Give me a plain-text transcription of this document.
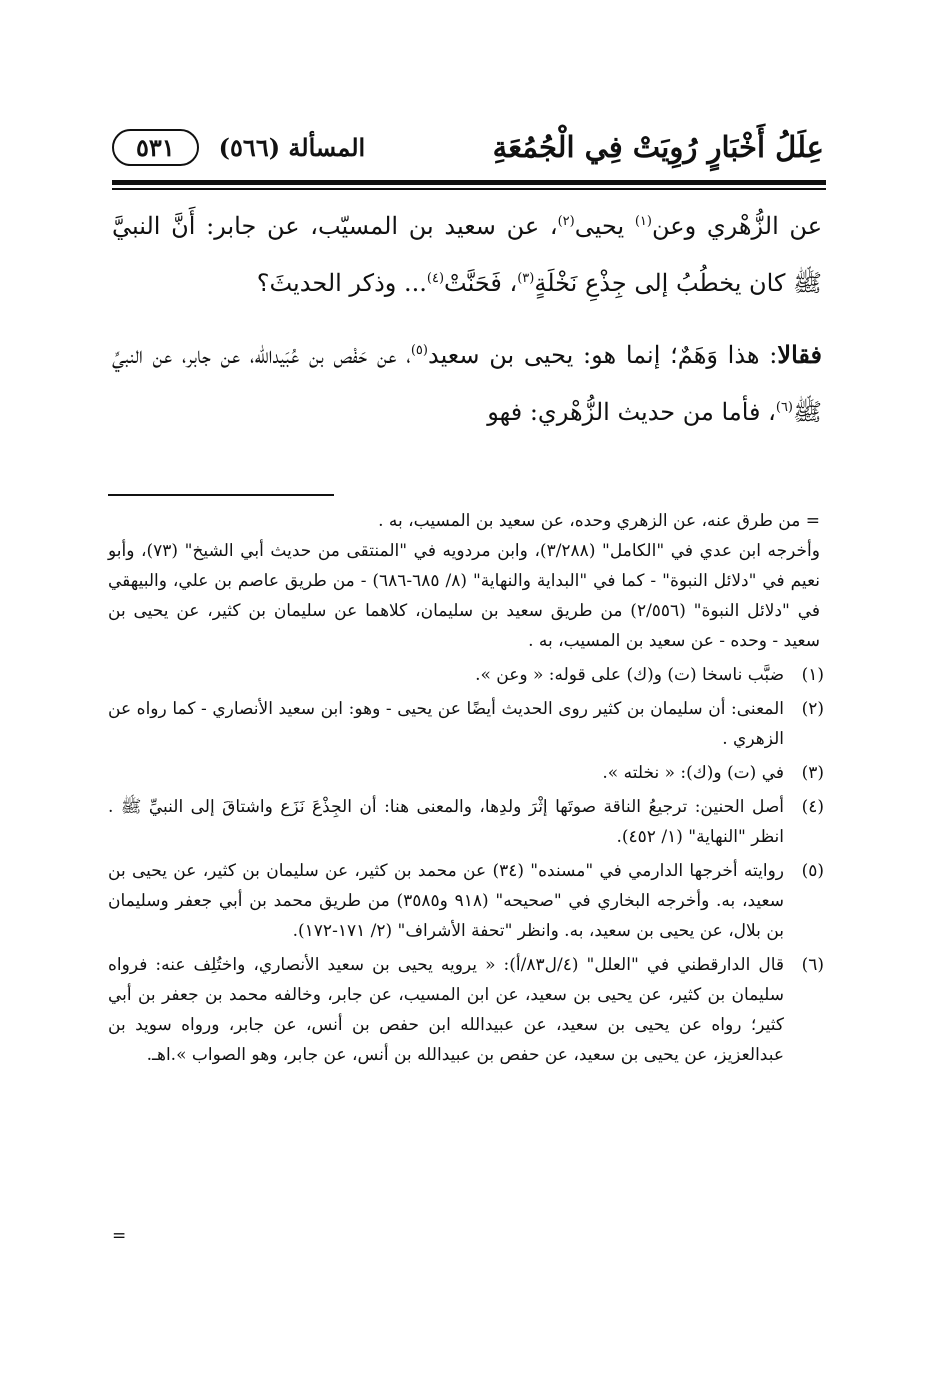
عِلَلُ أَخْبَارٍ رُوِيَتْ فِي الْجُمُعَةِ
المسألة (٥٦٦)
٥٣١

عن الزُّهْري وعن$^{(١)}$ يحيى$^{(٢)}$، عن سعيد بن المسيّب، عن جابر: أَنَّ النبيَّ ﷺ كان يخطُبُ إلى جِذْعِ نَخْلَةٍ$^{(٣)}$، فَحَنَّتْ$^{(٤)}$... وذكر الحديثَ؟

فقالا: هذا وَهَمٌ؛ إنما هو: يحيى بن سعيد$^{(٥)}$، عن حَفْص بن عُبَيدالله، عن جابر، عن النبيِّ ﷺ$^{(٦)}$، فأما من حديث الزُّهْري: فهو

= من طرق عنه، عن الزهري وحده، عن سعيد بن المسيب، به .

وأخرجه ابن عدي في "الكامل" (٣/٢٨٨)، وابن مردويه في "المنتقى من حديث أبي الشيخ" (٧٣)، وأبو نعيم في "دلائل النبوة" - كما في "البداية والنهاية" (٨/ ٦٨٥-٦٨٦) - من طريق عاصم بن علي، والبيهقي في "دلائل النبوة" (٢/٥٥٦) من طريق سعيد بن سليمان، كلاهما عن سليمان بن كثير، عن يحيى بن سعيد - وحده - عن سعيد بن المسيب، به .

(١)
ضبَّب ناسخا (ت) و(ك) على قوله: « وعن ».
(٢)
المعنى: أن سليمان بن كثير روى الحديث أيضًا عن يحيى - وهو: ابن سعيد الأنصاري - كما رواه عن الزهري .
(٣)
في (ت) و(ك): « نخلته ».
(٤)
أصل الحنين: ترجيعُ الناقة صوتَها إثْرَ ولدِها، والمعنى هنا: أن الجِذْعَ نَزَع واشتاقَ إلى النبيِّ ﷺ . انظر "النهاية" (١/ ٤٥٢).
(٥)
روايته أخرجها الدارمي في "مسنده" (٣٤) عن محمد بن كثير، عن سليمان بن كثير، عن يحيى بن سعيد، به. وأخرجه البخاري في "صحيحه" (٩١٨ و٣٥٨٥) من طريق محمد بن أبي جعفر وسليمان بن بلال، عن يحيى بن سعيد، به. وانظر "تحفة الأشراف" (٢/ ١٧١-١٧٢).
(٦)
قال الدارقطني في "العلل" (٤/ل٨٣/أ): « يرويه يحيى بن سعيد الأنصاري، واختُلِف عنه: فرواه سليمان بن كثير، عن يحيى بن سعيد، عن ابن المسيب، عن جابر، وخالفه محمد بن جعفر بن أبي كثير؛ رواه عن يحيى بن سعيد، عن عبيدالله ابن حفص بن أنس، عن جابر، ورواه سويد بن عبدالعزيز، عن يحيى بن سعيد، عن حفص بن عبيدالله بن أنس، عن جابر، وهو الصواب ».اهـ.
=
